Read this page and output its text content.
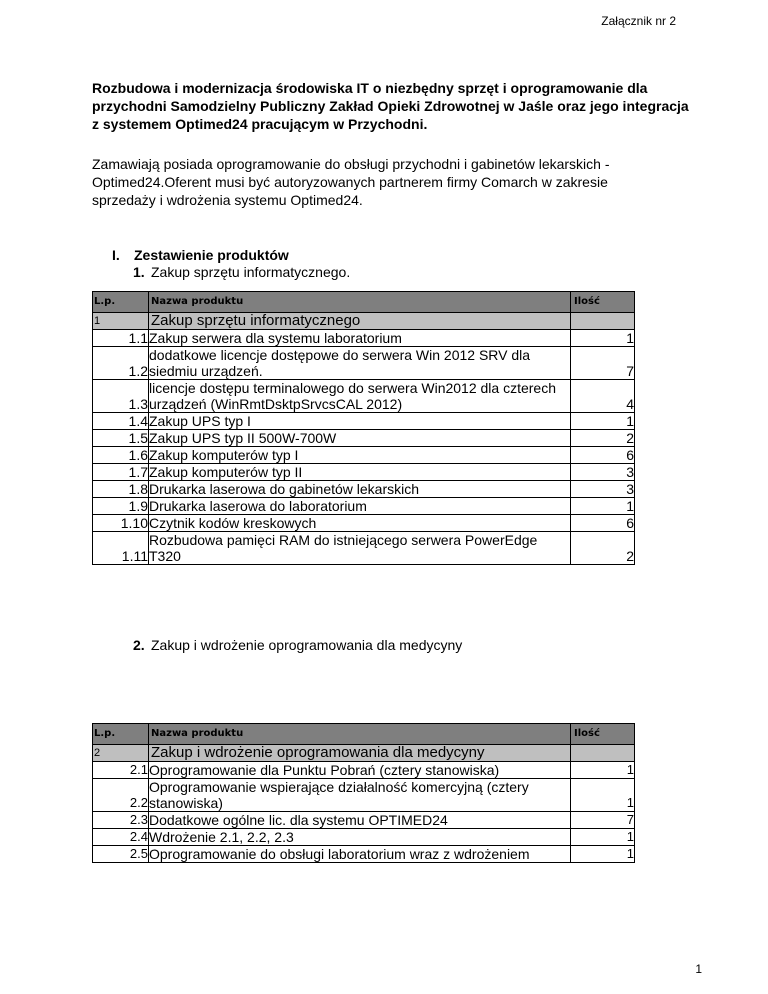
Załącznik nr 2
Rozbudowa i modernizacja środowiska IT o niezbędny sprzęt i oprogramowanie dla przychodni Samodzielny Publiczny Zakład Opieki Zdrowotnej w Jaśle oraz jego integracja z systemem Optimed24 pracującym w Przychodni.
Zamawiają posiada oprogramowanie do obsługi przychodni i gabinetów lekarskich - Optimed24.Oferent musi być autoryzowanych partnerem firmy Comarch w zakresie sprzedaży i wdrożenia systemu Optimed24.
I. Zestawienie produktów
1. Zakup sprzętu informatycznego.
L.p.	Nazwa produktu	Ilość
1	Zakup sprzętu informatycznego	
1.1	Zakup serwera dla systemu laboratorium	1
1.2	dodatkowe licencje dostępowe do serwera Win 2012 SRV dla siedmiu urządzeń.	7
1.3	licencje dostępu terminalowego do serwera Win2012 dla czterech urządzeń (WinRmtDsktpSrvcsCAL 2012)	4
1.4	Zakup UPS typ I	1
1.5	Zakup UPS typ II 500W-700W	2
1.6	Zakup komputerów typ I	6
1.7	Zakup komputerów typ II	3
1.8	Drukarka laserowa do gabinetów lekarskich	3
1.9	Drukarka laserowa do laboratorium	1
1.10	Czytnik kodów kreskowych	6
1.11	Rozbudowa pamięci RAM do istniejącego serwera PowerEdge T320	2
2. Zakup i wdrożenie oprogramowania dla medycyny
L.p.	Nazwa produktu	Ilość
2	Zakup i wdrożenie oprogramowania dla medycyny	
2.1	Oprogramowanie dla Punktu Pobrań (cztery stanowiska)	1
2.2	Oprogramowanie wspierające działalność komercyjną (cztery stanowiska)	1
2.3	Dodatkowe ogólne lic. dla systemu OPTIMED24	7
2.4	Wdrożenie 2.1, 2.2, 2.3	1
2.5	Oprogramowanie do obsługi laboratorium wraz z wdrożeniem	1
1
